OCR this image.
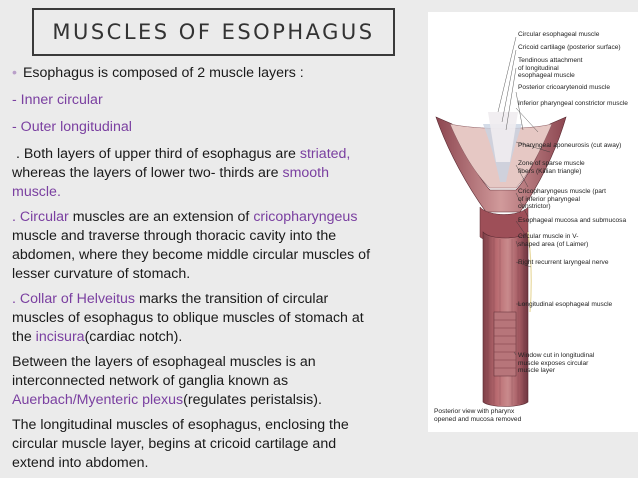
MUSCLES OF ESOPHAGUS

• Esophagus is composed of 2 muscle layers :

- Inner circular

- Outer longitudinal

. Both layers of upper third of esophagus are striated,
whereas the layers of lower two- thirds are smooth
muscle.

. Circular muscles are an extension of cricopharyngeus
muscle and traverse through thoracic cavity into the
abdomen, where they become middle circular muscles of
lesser curvature of stomach.

. Collar of Helveitus marks the transition of circular
muscles of esophagus to oblique muscles of stomach at
the incisura(cardiac notch).

Between the layers of esophageal muscles is an
interconnected network of ganglia known as
Auerbach/Myenteric plexus(regulates peristalsis).

The longitudinal muscles of esophagus, enclosing the
circular muscle layer, begins at cricoid cartilage and
extend into abdomen.

Circular esophageal muscle
Cricoid cartilage (posterior surface)
Tendinous attachment of longitudinal esophageal muscle
Posterior cricoarytenoid muscle
Inferior pharyngeal constrictor muscle
Pharyngeal aponeurosis (cut away)
Zone of sparse muscle fibers (Killian triangle)
Cricopharyngeus muscle (part of inferior pharyngeal constrictor)
Esophageal mucosa and submucosa
Circular muscle in V-shaped area (of Laimer)
Right recurrent laryngeal nerve
Longitudinal esophageal muscle
Window cut in longitudinal muscle exposes circular muscle layer
Posterior view with pharynx opened and mucosa removed
